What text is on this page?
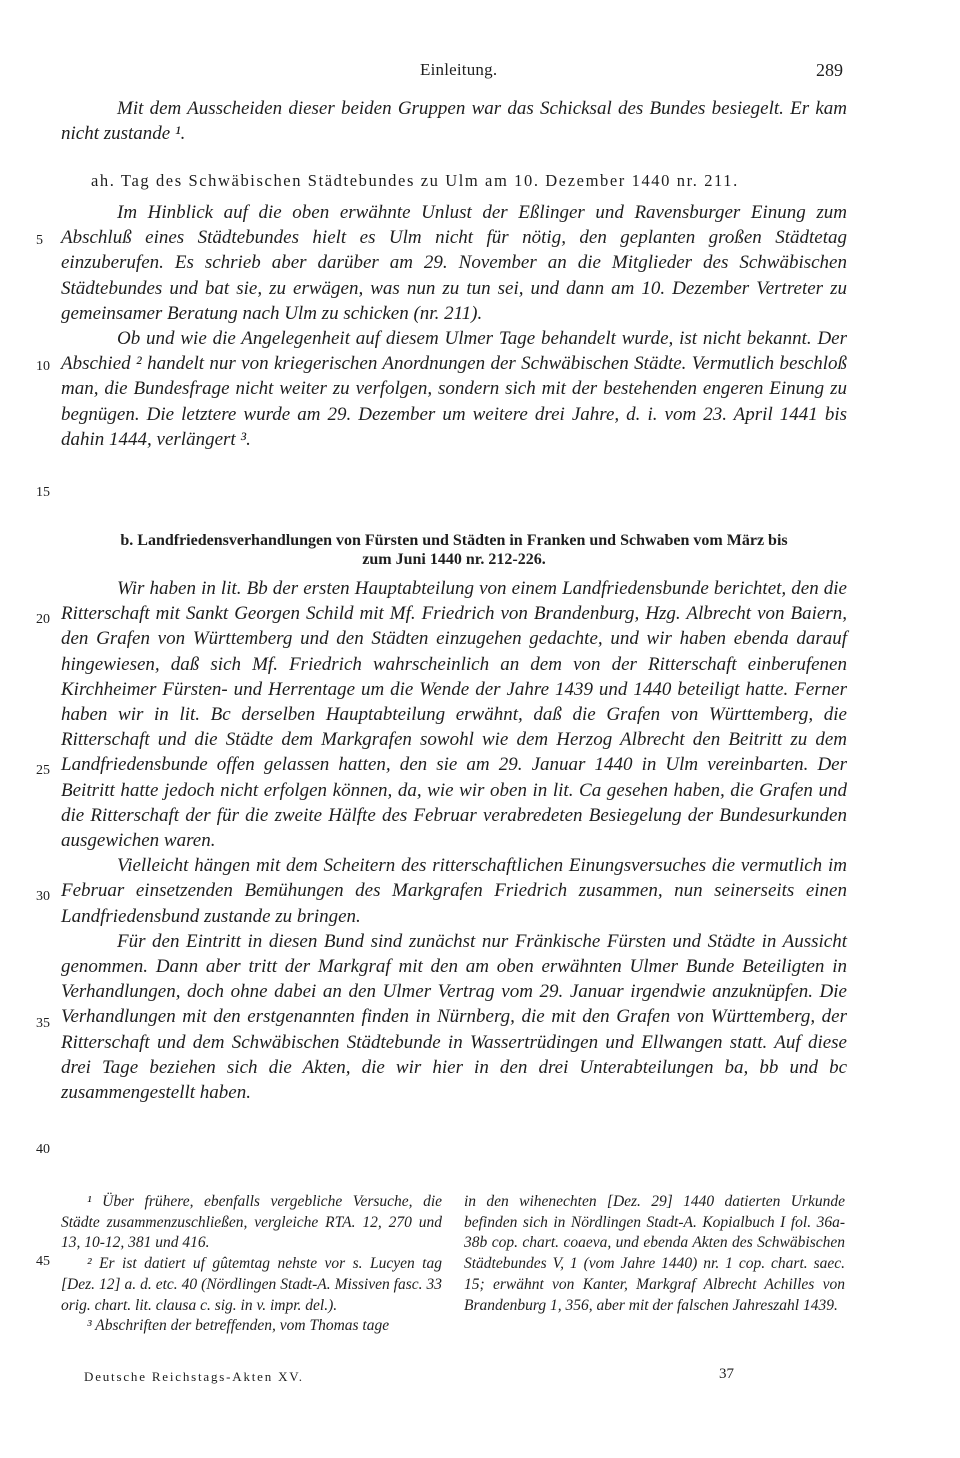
Einleitung.	289

Mit dem Ausscheiden dieser beiden Gruppen war das Schicksal des Bundes besiegelt. Er kam nicht zustande ¹.

ah. Tag des Schwäbischen Städtebundes zu Ulm am 10. Dezember 1440 nr. 211.

Im Hinblick auf die oben erwähnte Unlust der Eßlinger und Ravensburger Einung zum Abschluß eines Städtebundes hielt es Ulm nicht für nötig, den geplanten großen Städtetag einzuberufen. Es schrieb aber darüber am 29. November an die Mitglieder des Schwäbischen Städtebundes und bat sie, zu erwägen, was nun zu tun sei, und dann am 10. Dezember Vertreter zu gemeinsamer Beratung nach Ulm zu schicken (nr. 211).

Ob und wie die Angelegenheit auf diesem Ulmer Tage behandelt wurde, ist nicht bekannt. Der Abschied ² handelt nur von kriegerischen Anordnungen der Schwäbischen Städte. Vermutlich beschloß man, die Bundesfrage nicht weiter zu verfolgen, sondern sich mit der bestehenden engeren Einung zu begnügen. Die letztere wurde am 29. Dezember um weitere drei Jahre, d. i. vom 23. April 1441 bis dahin 1444, verlängert ³.

b. Landfriedensverhandlungen von Fürsten und Städten in Franken und Schwaben vom März bis
zum Juni 1440 nr. 212-226.

Wir haben in lit. Bb der ersten Hauptabteilung von einem Landfriedensbunde berichtet, den die Ritterschaft mit Sankt Georgen Schild mit Mf. Friedrich von Brandenburg, Hzg. Albrecht von Baiern, den Grafen von Württemberg und den Städten einzugehen gedachte, und wir haben ebenda darauf hingewiesen, daß sich Mf. Friedrich wahrscheinlich an dem von der Ritterschaft einberufenen Kirchheimer Fürsten- und Herrentage um die Wende der Jahre 1439 und 1440 beteiligt hatte. Ferner haben wir in lit. Bc derselben Hauptabteilung erwähnt, daß die Grafen von Württemberg, die Ritterschaft und die Städte dem Markgrafen sowohl wie dem Herzog Albrecht den Beitritt zu dem Landfriedensbunde offen gelassen hatten, den sie am 29. Januar 1440 in Ulm vereinbarten. Der Beitritt hatte jedoch nicht erfolgen können, da, wie wir oben in lit. Ca gesehen haben, die Grafen und die Ritterschaft der für die zweite Hälfte des Februar verabredeten Besiegelung der Bundesurkunden ausgewichen waren.

Vielleicht hängen mit dem Scheitern des ritterschaftlichen Einungsversuches die vermutlich im Februar einsetzenden Bemühungen des Markgrafen Friedrich zusammen, nun seinerseits einen Landfriedensbund zustande zu bringen.

Für den Eintritt in diesen Bund sind zunächst nur Fränkische Fürsten und Städte in Aussicht genommen. Dann aber tritt der Markgraf mit den am oben erwähnten Ulmer Bunde Beteiligten in Verhandlungen, doch ohne dabei an den Ulmer Vertrag vom 29. Januar irgendwie anzuknüpfen. Die Verhandlungen mit den erstgenannten finden in Nürnberg, die mit den Grafen von Württemberg, der Ritterschaft und dem Schwäbischen Städtebunde in Wassertrüdingen und Ellwangen statt. Auf diese drei Tage beziehen sich die Akten, die wir hier in den drei Unterabteilungen ba, bb und bc zusammengestellt haben.

5
10
15
20
25
30
35
40
45

¹ Über frühere, ebenfalls vergebliche Versuche, die Städte zusammenzuschließen, vergleiche RTA. 12, 270 und 13, 10-12, 381 und 416.

² Er ist datiert uf gûtemtag nehste vor s. Lucyen tag [Dez. 12] a. d. etc. 40 (Nördlingen Stadt-A. Missiven fasc. 33 orig. chart. lit. clausa c. sig. in v. impr. del.).

³ Abschriften der betreffenden, vom Thomas tage

in den wihenechten [Dez. 29] 1440 datierten Urkunde befinden sich in Nördlingen Stadt-A. Kopialbuch I fol. 36a-38b cop. chart. coaeva, und ebenda Akten des Schwäbischen Städtebundes V, 1 (vom Jahre 1440) nr. 1 cop. chart. saec. 15; erwähnt von Kanter, Markgraf Albrecht Achilles von Brandenburg 1, 356, aber mit der falschen Jahreszahl 1439.

Deutsche Reichstags-Akten XV.	37
